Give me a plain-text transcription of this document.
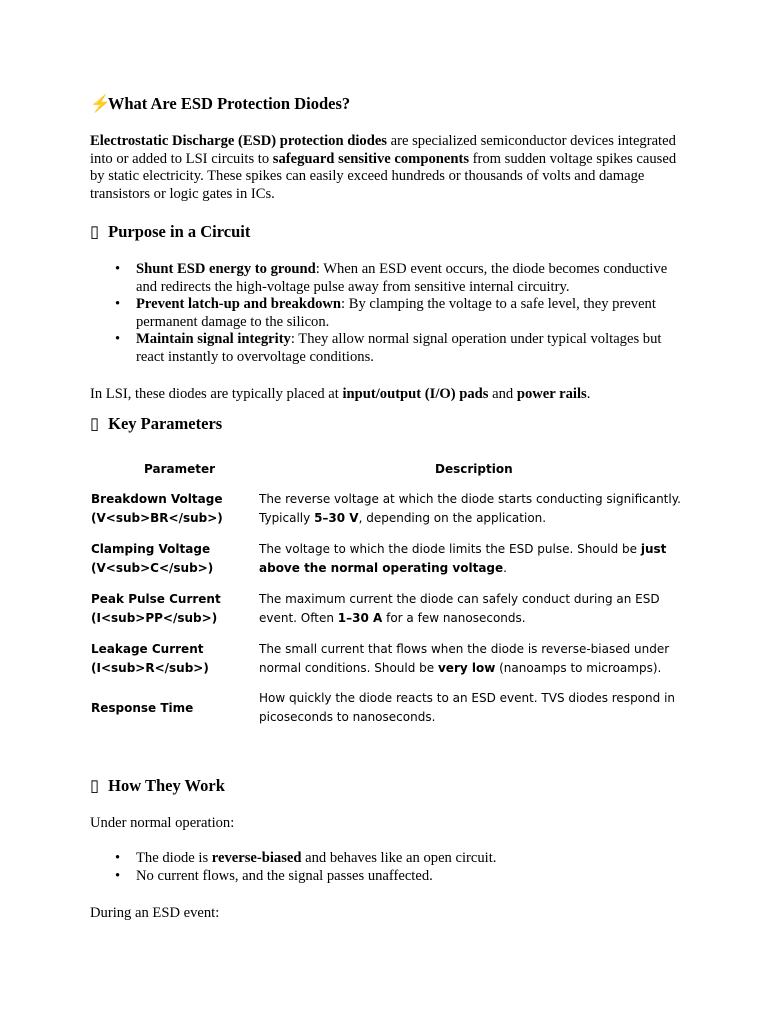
⚡ What Are ESD Protection Diodes?

Electrostatic Discharge (ESD) protection diodes are specialized semiconductor devices integrated into or added to LSI circuits to safeguard sensitive components from sudden voltage spikes caused by static electricity. These spikes can easily exceed hundreds or thousands of volts and damage transistors or logic gates in ICs.

▯ Purpose in a Circuit
• Shunt ESD energy to ground: When an ESD event occurs, the diode becomes conductive and redirects the high-voltage pulse away from sensitive internal circuitry.
• Prevent latch-up and breakdown: By clamping the voltage to a safe level, they prevent permanent damage to the silicon.
• Maintain signal integrity: They allow normal signal operation under typical voltages but react instantly to overvoltage conditions.

In LSI, these diodes are typically placed at input/output (I/O) pads and power rails.

▯ Key Parameters
Parameter	Description
Breakdown Voltage
(V<sub>BR</sub>)
The reverse voltage at which the diode starts conducting significantly. Typically 5–30 V, depending on the application.
Clamping Voltage
(V<sub>C</sub>)
The voltage to which the diode limits the ESD pulse. Should be just above the normal operating voltage.
Peak Pulse Current
(I<sub>PP</sub>)
The maximum current the diode can safely conduct during an ESD event. Often 1–30 A for a few nanoseconds.
Leakage Current
(I<sub>R</sub>)
The small current that flows when the diode is reverse-biased under normal conditions. Should be very low (nanoamps to microamps).
Response Time
How quickly the diode reacts to an ESD event. TVS diodes respond in picoseconds to nanoseconds.
▯ How They Work

Under normal operation:

• The diode is reverse-biased and behaves like an open circuit.
• No current flows, and the signal passes unaffected.

During an ESD event:
